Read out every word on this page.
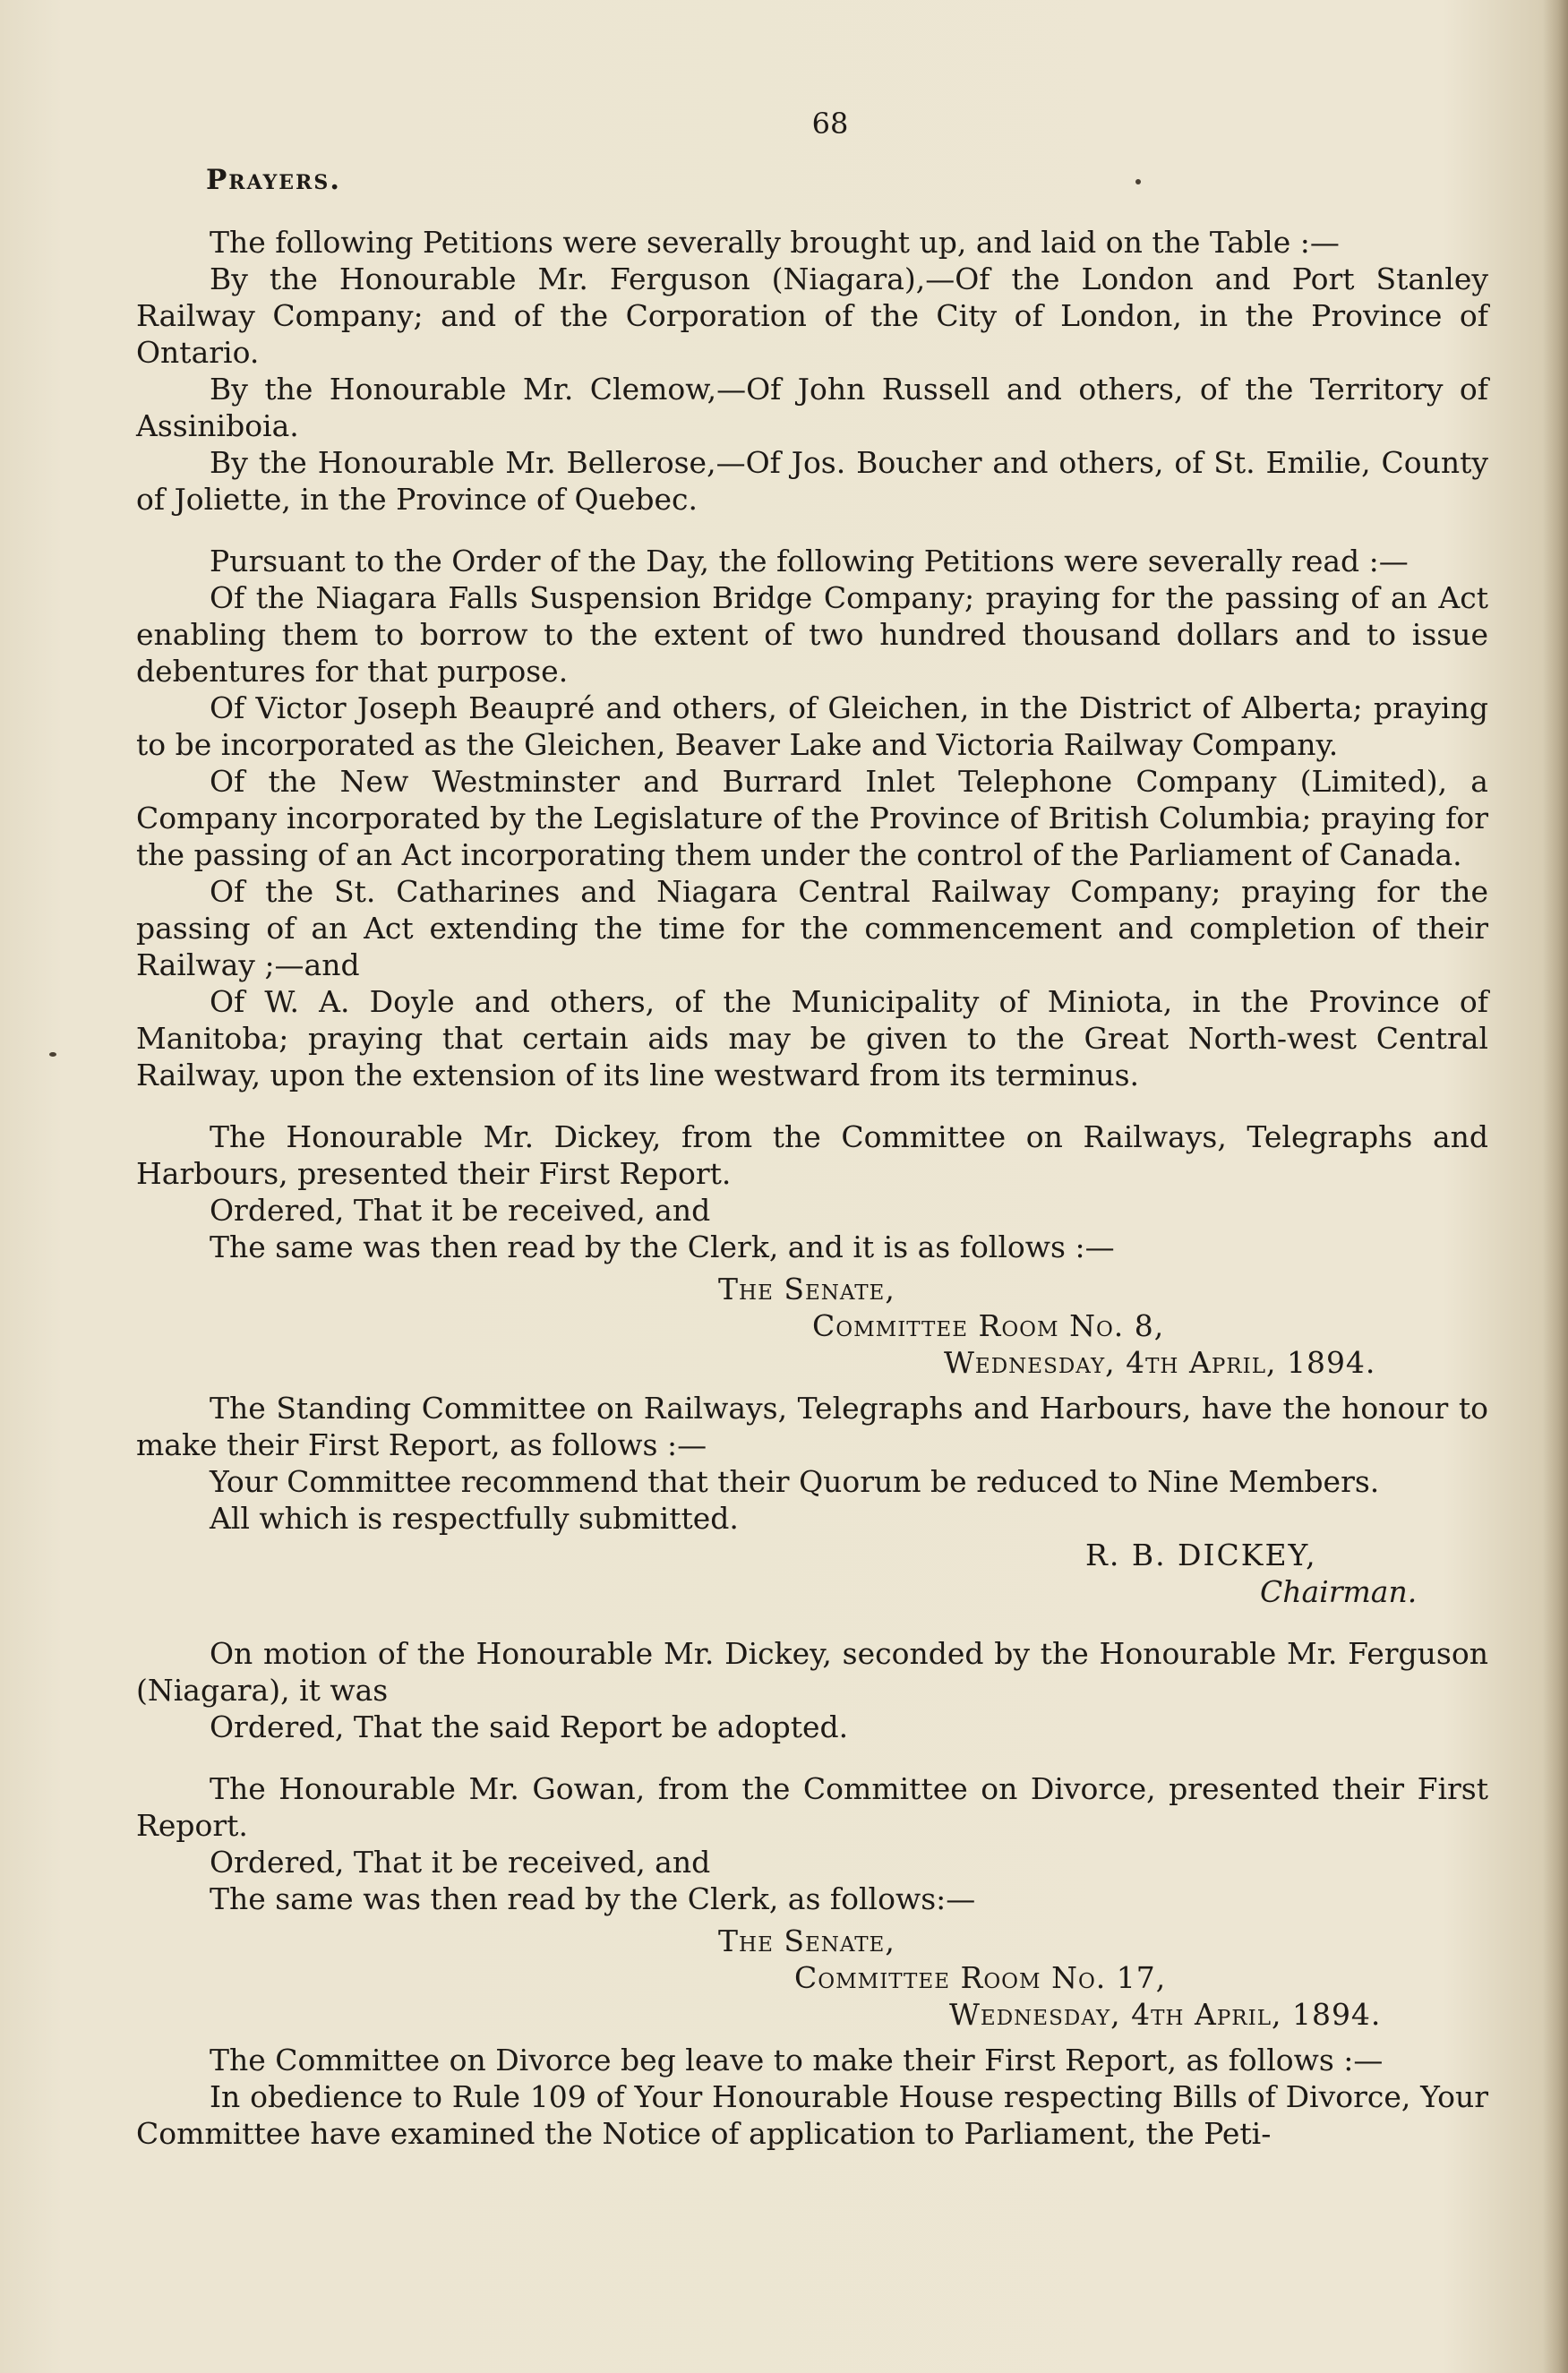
68
Prayers.

The following Petitions were severally brought up, and laid on the Table :—

By the Honourable Mr. Ferguson (Niagara),—Of the London and Port Stanley Railway Company; and of the Corporation of the City of London, in the Province of Ontario.

By the Honourable Mr. Clemow,—Of John Russell and others, of the Territory of Assiniboia.

By the Honourable Mr. Bellerose,—Of Jos. Boucher and others, of St. Emilie, County of Joliette, in the Province of Quebec.

Pursuant to the Order of the Day, the following Petitions were severally read :—

Of the Niagara Falls Suspension Bridge Company; praying for the passing of an Act enabling them to borrow to the extent of two hundred thousand dollars and to issue debentures for that purpose.

Of Victor Joseph Beaupré and others, of Gleichen, in the District of Alberta; praying to be incorporated as the Gleichen, Beaver Lake and Victoria Railway Company.

Of the New Westminster and Burrard Inlet Telephone Company (Limited), a Company incorporated by the Legislature of the Province of British Columbia; praying for the passing of an Act incorporating them under the control of the Parliament of Canada.

Of the St. Catharines and Niagara Central Railway Company; praying for the passing of an Act extending the time for the commencement and completion of their Railway ;—and

Of W. A. Doyle and others, of the Municipality of Miniota, in the Province of Manitoba; praying that certain aids may be given to the Great North-west Central Railway, upon the extension of its line westward from its terminus.

The Honourable Mr. Dickey, from the Committee on Railways, Telegraphs and Harbours, presented their First Report.

Ordered, That it be received, and

The same was then read by the Clerk, and it is as follows :—

The Senate,
Committee Room No. 8,
Wednesday, 4th April, 1894.

The Standing Committee on Railways, Telegraphs and Harbours, have the honour to make their First Report, as follows :—

Your Committee recommend that their Quorum be reduced to Nine Members.

All which is respectfully submitted.

R. B. DICKEY,
Chairman.

On motion of the Honourable Mr. Dickey, seconded by the Honourable Mr. Ferguson (Niagara), it was

Ordered, That the said Report be adopted.

The Honourable Mr. Gowan, from the Committee on Divorce, presented their First Report.

Ordered, That it be received, and

The same was then read by the Clerk, as follows:—

The Senate,
Committee Room No. 17,
Wednesday, 4th April, 1894.

The Committee on Divorce beg leave to make their First Report, as follows :—

In obedience to Rule 109 of Your Honourable House respecting Bills of Divorce, Your Committee have examined the Notice of application to Parliament, the Peti-
